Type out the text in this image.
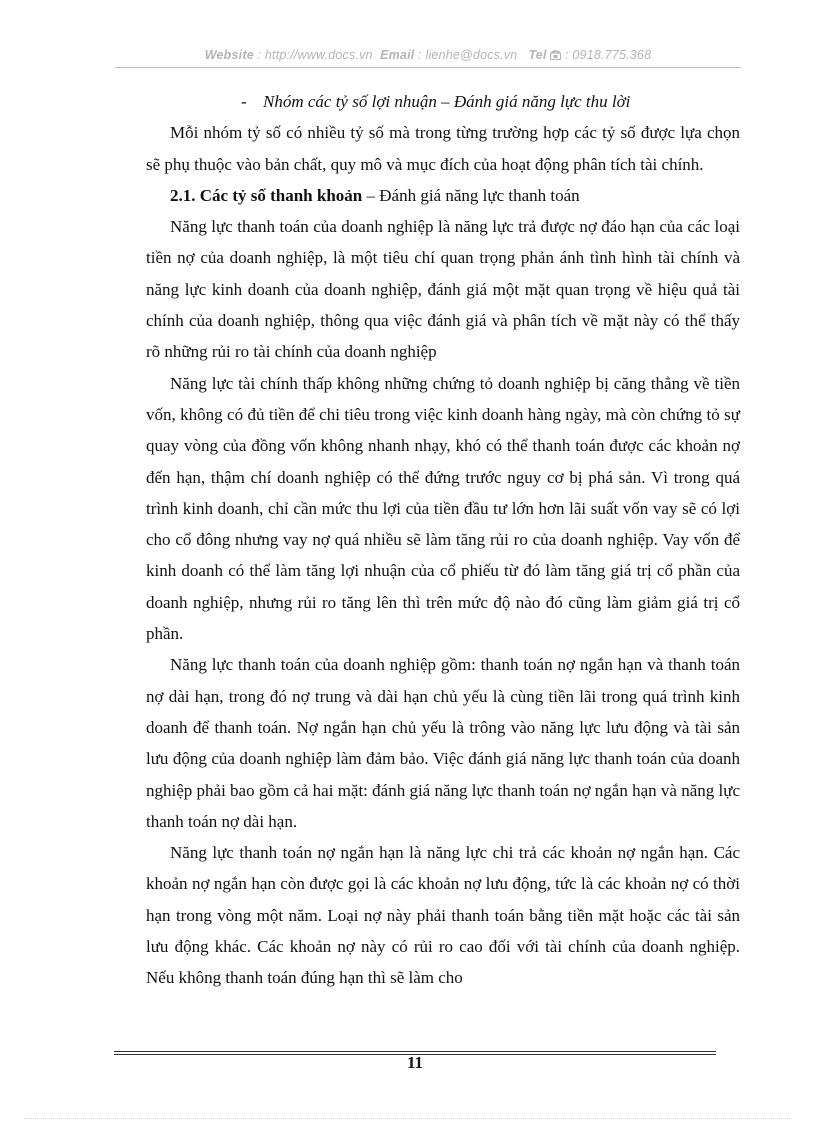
Website : http://www.docs.vn Email : lienhe@docs.vn Tel : 0918.775.368

- Nhóm các tỷ số lợi nhuận – Đánh giá năng lực thu lời

Mỗi nhóm tỷ số có nhiều tỷ số mà trong từng trường hợp các tỷ số được lựa chọn sẽ phụ thuộc vào bản chất, quy mô và mục đích của hoạt động phân tích tài chính.

2.1. Các tỷ số thanh khoản – Đánh giá năng lực thanh toán

Năng lực thanh toán của doanh nghiệp là năng lực trả được nợ đáo hạn của các loại tiền nợ của doanh nghiệp, là một tiêu chí quan trọng phản ánh tình hình tài chính và năng lực kinh doanh của doanh nghiệp, đánh giá một mặt quan trọng về hiệu quả tài chính của doanh nghiệp, thông qua việc đánh giá và phân tích về mặt này có thể thấy rõ những rủi ro tài chính của doanh nghiệp

Năng lực tài chính thấp không những chứng tỏ doanh nghiệp bị căng thẳng về tiền vốn, không có đủ tiền để chi tiêu trong việc kinh doanh hàng ngày, mà còn chứng tỏ sự quay vòng của đồng vốn không nhanh nhạy, khó có thể thanh toán được các khoản nợ đến hạn, thậm chí doanh nghiệp có thể đứng trước nguy cơ bị phá sản. Vì trong quá trình kinh doanh, chỉ cần mức thu lợi của tiền đầu tư lớn hơn lãi suất vốn vay sẽ có lợi cho cổ đông nhưng vay nợ quá nhiều sẽ làm tăng rủi ro của doanh nghiệp. Vay vốn để kinh doanh có thể làm tăng lợi nhuận của cổ phiếu từ đó làm tăng giá trị cổ phần của doanh nghiệp, nhưng rủi ro tăng lên thì trên mức độ nào đó cũng làm giảm giá trị cổ phần.

Năng lực thanh toán của doanh nghiệp gồm: thanh toán nợ ngắn hạn và thanh toán nợ dài hạn, trong đó nợ trung và dài hạn chủ yếu là cùng tiền lãi trong quá trình kinh doanh để thanh toán. Nợ ngắn hạn chủ yếu là trông vào năng lực lưu động và tài sản lưu động của doanh nghiệp làm đảm bảo. Việc đánh giá năng lực thanh toán của doanh nghiệp phải bao gồm cả hai mặt: đánh giá năng lực thanh toán nợ ngắn hạn và năng lực thanh toán nợ dài hạn.

Năng lực thanh toán nợ ngắn hạn là năng lực chi trả các khoản nợ ngắn hạn. Các khoản nợ ngắn hạn còn được gọi là các khoản nợ lưu động, tức là các khoản nợ có thời hạn trong vòng một năm. Loại nợ này phải thanh toán bằng tiền mặt hoặc các tài sản lưu động khác. Các khoản nợ này có rủi ro cao đối với tài chính của doanh nghiệp. Nếu không thanh toán đúng hạn thì sẽ làm cho

11
